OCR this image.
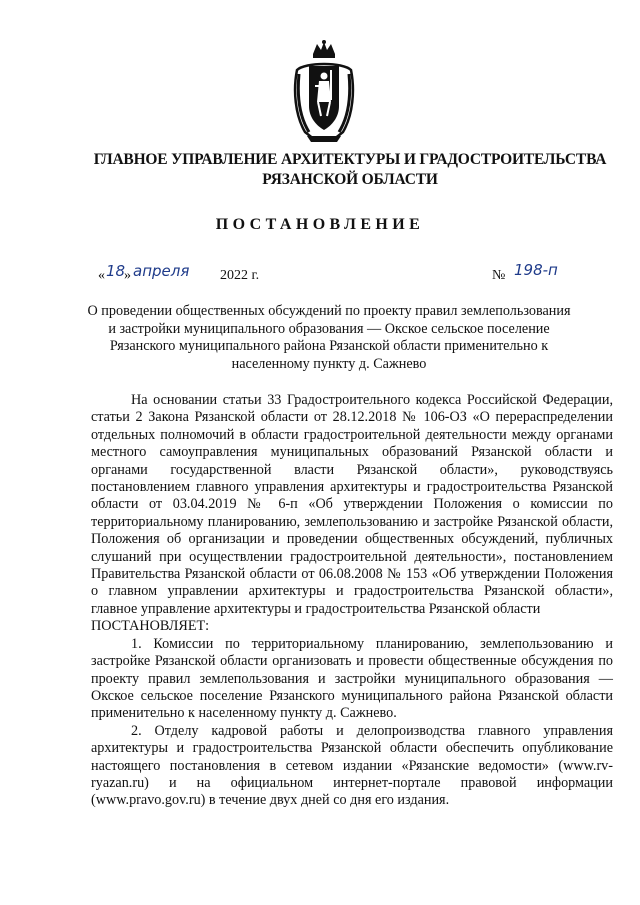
ГЛАВНОЕ УПРАВЛЕНИЕ АРХИТЕКТУРЫ И ГРАДОСТРОИТЕЛЬСТВА
РЯЗАНСКОЙ ОБЛАСТИ
ПОСТАНОВЛЕНИЕ
« 18
» апреля 2022 г.	№ 198-п
О проведении общественных обсуждений по проекту правил землепользования и застройки муниципального образования — Окское сельское поселение Рязанского муниципального района Рязанской области применительно к населенному пункту д. Сажнево

На основании статьи 33 Градостроительного кодекса Российской Федерации, статьи 2 Закона Рязанской области от 28.12.2018 № 106-ОЗ «О перераспределении отдельных полномочий в области градостроительной деятельности между органами местного самоуправления муниципальных образований Рязанской области и органами государственной власти Рязанской области», руководствуясь постановлением главного управления архитектуры и градостроительства Рязанской области от 03.04.2019 № 6-п «Об утверждении Положения о комиссии по территориальному планированию, землепользованию и застройке Рязанской области, Положения об организации и проведении общественных обсуждений, публичных слушаний при осуществлении градостроительной деятельности», постановлением Правительства Рязанской области от 06.08.2008 № 153 «Об утверждении Положения о главном управлении архитектуры и градостроительства Рязанской области», главное управление архитектуры и градостроительства Рязанской области

ПОСТАНОВЛЯЕТ:

1. Комиссии по территориальному планированию, землепользованию и застройке Рязанской области организовать и провести общественные обсуждения по проекту правил землепользования и застройки муниципального образования — Окское сельское поселение Рязанского муниципального района Рязанской области применительно к населенному пункту д. Сажнево.

2. Отделу кадровой работы и делопроизводства главного управления архитектуры и градостроительства Рязанской области обеспечить опубликование настоящего постановления в сетевом издании «Рязанские ведомости» (www.rv-ryazan.ru) и на официальном интернет-портале правовой информации (www.pravo.gov.ru) в течение двух дней со дня его издания.
